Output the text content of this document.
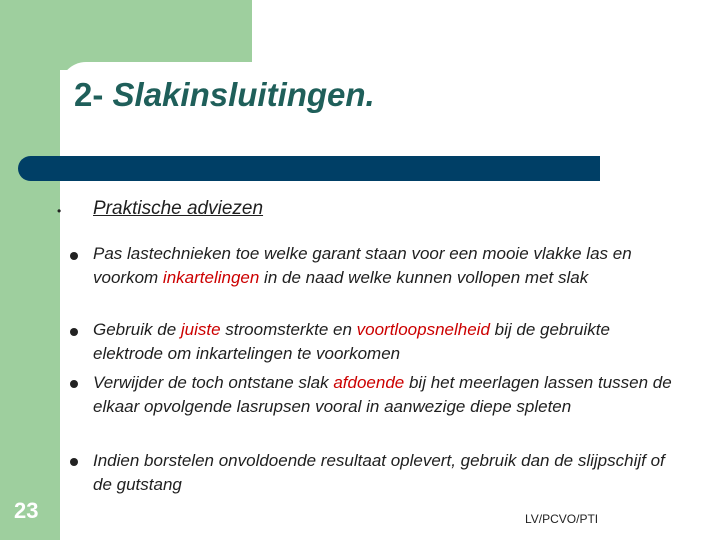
2- Slakinsluitingen.
• Praktische adviezen
Pas lastechnieken toe welke garant staan voor een mooie vlakke las en voorkom inkartelingen in de naad welke kunnen vollopen met slak
Gebruik de juiste stroomsterkte en voortloopsnelheid bij de gebruikte elektrode om inkartelingen te voorkomen
Verwijder de toch ontstane slak afdoende bij het meerlagen lassen tussen de elkaar opvolgende lasrupsen vooral in aanwezige diepe spleten
Indien borstelen onvoldoende resultaat oplevert, gebruik dan de slijpschijf of de gutstang
23	LV/PCVO/PTI
